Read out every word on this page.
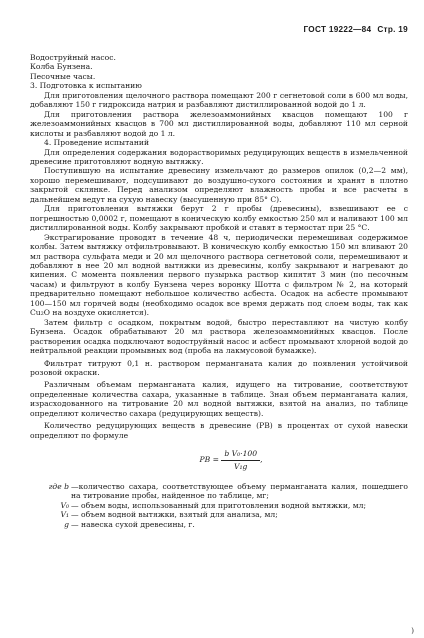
ГОСТ 19222—84 Стр. 19

Водоструйный насос.

Колба Бунзена.

Песочные часы.

3. Подготовка к испытанию

Для приготовления щелочного раствора помещают 200 г сегнетовой соли в 600 мл воды, добавляют 150 г гидроксида натрия и разбавляют дистиллированной водой до 1 л.

Для приготовления раствора железоаммонийных квасцов помещают 100 г железоаммонийных квасцов в 700 мл дистиллированной воды, добавляют 110 мл серной кислоты и разбавляют водой до 1 л.

4. Проведение испытаний

Для определения содержания водорастворимых редуцирующих веществ в измельченной древесине приготовляют водную вытяжку.

Поступившую на испытание древесину измельчают до размеров опилок (0,2—2 мм), хорошо перемешивают, подсушивают до воздушно-сухого состояния и хранят в плотно закрытой склянке. Перед анализом определяют влажность пробы и все расчеты в дальнейшем ведут на сухую навеску (высушенную при 85° С).

Для приготовления вытяжки берут 2 г пробы (древесины), взвешивают ее с погрешностью 0,0002 г, помещают в коническую колбу емкостью 250 мл и наливают 100 мл дистиллированной воды. Колбу закрывают пробкой и ставят в термостат при 25 °С.

Экстрагирование проводят в течение 48 ч, периодически перемешивая содержимое колбы. Затем вытяжку отфильтровывают. В коническую колбу емкостью 150 мл вливают 20 мл раствора сульфата меди и 20 мл щелочного раствора сегнетовой соли, перемешивают и добавляют в нее 20 мл водной вытяжки из древесины, колбу закрывают и нагревают до кипения. С момента появления первого пузырька раствор кипятят 3 мин (по песочным часам) и фильтруют в колбу Бунзена через воронку Шотта с фильтром № 2, на который предварительно помещают небольшое количество асбеста. Осадок на асбесте промывают 100—150 мл горячей воды (необходимо осадок все время держать под слоем воды, так как Cu₂O на воздухе окисляется).

Затем фильтр с осадком, покрытым водой, быстро переставляют на чистую колбу Бунзена. Осадок обрабатывают 20 мл раствора железоаммонийных квасцов. После растворения осадка подключают водоструйный насос и асбест промывают хлорной водой до нейтральной реакции промывных вод (проба на лакмусовой бумажке).

Фильтрат титруют 0,1 н. раствором перманганата калия до появления устойчивой розовой окраски.

Различным объемам перманганата калия, идущего на титрование, соответствуют определенные количества сахара, указанные в таблице. Зная объем перманганата калия, израсходованного на титрование 20 мл водной вытяжки, взятой на анализ, по таблице определяют количество сахара (редуцирующих веществ).

Количество редуцирующих веществ в древесине (PB) в процентах от сухой навески определяют по формуле

PB = $\frac{\text{b V₀·100}}{\text{V₁g}}$ ,
где b —количество сахара, соответствующее объему перманганата калия, пошедшего на титрование пробы, найденное по таблице, мг;
V₀ — объем воды, использованный для приготовления водной вытяжки, мл;
V₁ — объем водной вытяжки, взятый для анализа, мл;
g — навеска сухой древесины, г.
)
